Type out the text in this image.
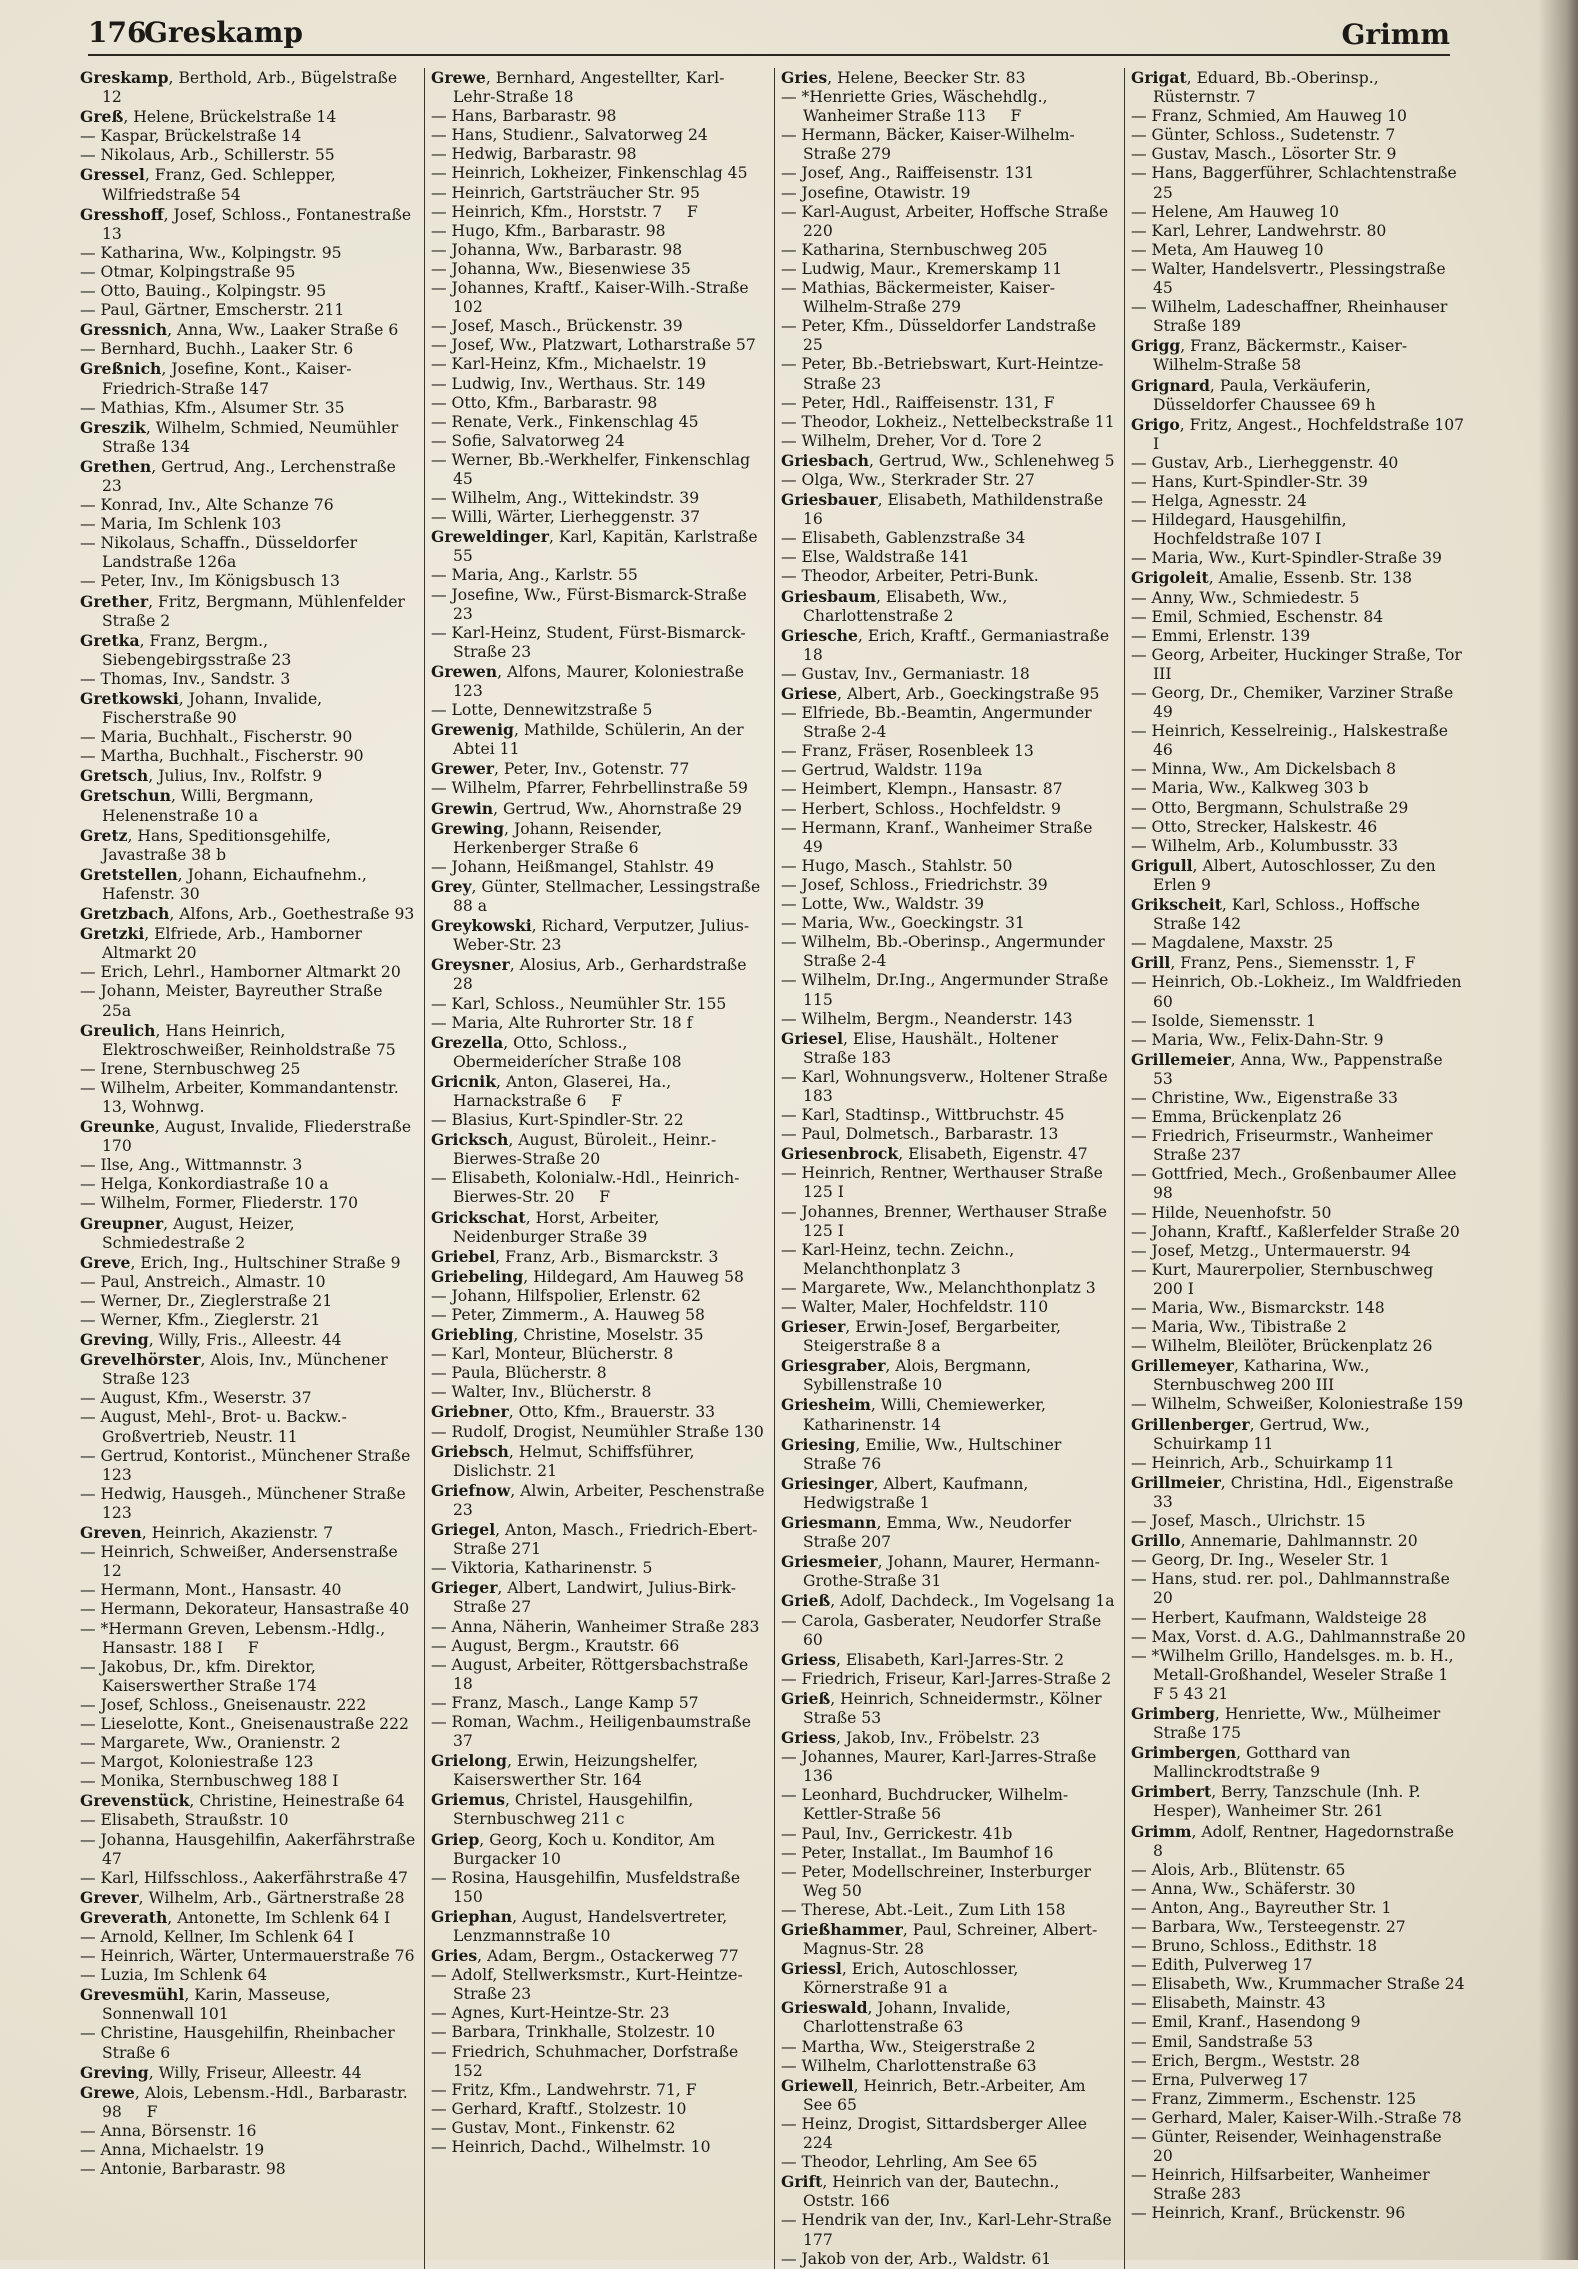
176
Greskamp	Grimm

Greskamp, Berthold, Arb., Bügelstraße 12

Greß, Helene, Brückelstraße 14

— Kaspar, Brückelstraße 14

— Nikolaus, Arb., Schillerstr. 55

Gressel, Franz, Ged. Schlepper, Wilfriedstraße 54

Gresshoff, Josef, Schloss., Fontanestraße 13

— Katharina, Ww., Kolpingstr. 95

— Otmar, Kolpingstraße 95

— Otto, Bauing., Kolpingstr. 95

— Paul, Gärtner, Emscherstr. 211

Gressnich, Anna, Ww., Laaker Straße 6

— Bernhard, Buchh., Laaker Str. 6

Greßnich, Josefine, Kont., Kaiser-Friedrich-Straße 147

— Mathias, Kfm., Alsumer Str. 35

Greszik, Wilhelm, Schmied, Neumühler Straße 134

Grethen, Gertrud, Ang., Lerchenstraße 23

— Konrad, Inv., Alte Schanze 76

— Maria, Im Schlenk 103

— Nikolaus, Schaffn., Düsseldorfer Landstraße 126a

— Peter, Inv., Im Königsbusch 13

Grether, Fritz, Bergmann, Mühlenfelder Straße 2

Gretka, Franz, Bergm., Siebengebirgsstraße 23

— Thomas, Inv., Sandstr. 3

Gretkowski, Johann, Invalide, Fischerstraße 90

— Maria, Buchhalt., Fischerstr. 90

— Martha, Buchhalt., Fischerstr. 90

Gretsch, Julius, Inv., Rolfstr. 9

Gretschun, Willi, Bergmann, Helenenstraße 10 a

Gretz, Hans, Speditionsgehilfe, Javastraße 38 b

Gretstellen, Johann, Eichaufnehm., Hafenstr. 30

Gretzbach, Alfons, Arb., Goethestraße 93

Gretzki, Elfriede, Arb., Hamborner Altmarkt 20

— Erich, Lehrl., Hamborner Altmarkt 20

— Johann, Meister, Bayreuther Straße 25a

Greulich, Hans Heinrich, Elektroschweißer, Reinholdstraße 75

— Irene, Sternbuschweg 25

— Wilhelm, Arbeiter, Kommandantenstr. 13, Wohnwg.

Greunke, August, Invalide, Fliederstraße 170

— Ilse, Ang., Wittmannstr. 3

— Helga, Konkordiastraße 10 a

— Wilhelm, Former, Fliederstr. 170

Greupner, August, Heizer, Schmiedestraße 2

Greve, Erich, Ing., Hultschiner Straße 9

— Paul, Anstreich., Almastr. 10

— Werner, Dr., Zieglerstraße 21

— Werner, Kfm., Zieglerstr. 21

Greving, Willy, Fris., Alleestr. 44

Grevelhörster, Alois, Inv., Münchener Straße 123

— August, Kfm., Weserstr. 37

— August, Mehl-, Brot- u. Backw.-Großvertrieb, Neustr. 11

— Gertrud, Kontorist., Münchener Straße 123

— Hedwig, Hausgeh., Münchener Straße 123

Greven, Heinrich, Akazienstr. 7

— Heinrich, Schweißer, Andersenstraße 12

— Hermann, Mont., Hansastr. 40

— Hermann, Dekorateur, Hansastraße 40

— *Hermann Greven, Lebensm.-Hdlg., Hansastr. 188 I     F

— Jakobus, Dr., kfm. Direktor, Kaiserswerther Straße 174

— Josef, Schloss., Gneisenaustr. 222

— Lieselotte, Kont., Gneisenaustraße 222

— Margarete, Ww., Oranienstr. 2

— Margot, Koloniestraße 123

— Monika, Sternbuschweg 188 I

Grevenstück, Christine, Heinestraße 64

— Elisabeth, Straußstr. 10

— Johanna, Hausgehilfin, Aakerfährstraße 47

— Karl, Hilfsschloss., Aakerfährstraße 47

Grever, Wilhelm, Arb., Gärtnerstraße 28

Greverath, Antonette, Im Schlenk 64 I

— Arnold, Kellner, Im Schlenk 64 I

— Heinrich, Wärter, Untermauerstraße 76

— Luzia, Im Schlenk 64

Grevesmühl, Karin, Masseuse, Sonnenwall 101

— Christine, Hausgehilfin, Rheinbacher Straße 6

Greving, Willy, Friseur, Alleestr. 44

Grewe, Alois, Lebensm.-Hdl., Barbarastr. 98     F

— Anna, Börsenstr. 16

— Anna, Michaelstr. 19

— Antonie, Barbarastr. 98

Grewe, Bernhard, Angestellter, Karl-Lehr-Straße 18

— Hans, Barbarastr. 98

— Hans, Studienr., Salvatorweg 24

— Hedwig, Barbarastr. 98

— Heinrich, Lokheizer, Finkenschlag 45

— Heinrich, Gartsträucher Str. 95

— Heinrich, Kfm., Horststr. 7     F

— Hugo, Kfm., Barbarastr. 98

— Johanna, Ww., Barbarastr. 98

— Johanna, Ww., Biesenwiese 35

— Johannes, Kraftf., Kaiser-Wilh.-Straße 102

— Josef, Masch., Brückenstr. 39

— Josef, Ww., Platzwart, Lotharstraße 57

— Karl-Heinz, Kfm., Michaelstr. 19

— Ludwig, Inv., Werthaus. Str. 149

— Otto, Kfm., Barbarastr. 98

— Renate, Verk., Finkenschlag 45

— Sofie, Salvatorweg 24

— Werner, Bb.-Werkhelfer, Finkenschlag 45

— Wilhelm, Ang., Wittekindstr. 39

— Willi, Wärter, Lierheggenstr. 37

Greweldinger, Karl, Kapitän, Karlstraße 55

— Maria, Ang., Karlstr. 55

— Josefine, Ww., Fürst-Bismarck-Straße 23

— Karl-Heinz, Student, Fürst-Bismarck-Straße 23

Grewen, Alfons, Maurer, Koloniestraße 123

— Lotte, Dennewitzstraße 5

Grewenig, Mathilde, Schülerin, An der Abtei 11

Grewer, Peter, Inv., Gotenstr. 77

— Wilhelm, Pfarrer, Fehrbellinstraße 59

Grewin, Gertrud, Ww., Ahornstraße 29

Grewing, Johann, Reisender, Herkenberger Straße 6

— Johann, Heißmangel, Stahlstr. 49

Grey, Günter, Stellmacher, Lessingstraße 88 a

Greykowski, Richard, Verputzer, Julius-Weber-Str. 23

Greysner, Alosius, Arb., Gerhardstraße 28

— Karl, Schloss., Neumühler Str. 155

— Maria, Alte Ruhrorter Str. 18 f

Grezella, Otto, Schloss., Obermeiderícher Straße 108

Gricnik, Anton, Glaserei, Ha., Harnackstraße 6     F

— Blasius, Kurt-Spindler-Str. 22

Gricksch, August, Büroleit., Heinr.-Bierwes-Straße 20

— Elisabeth, Kolonialw.-Hdl., Heinrich-Bierwes-Str. 20     F

Grickschat, Horst, Arbeiter, Neidenburger Straße 39

Griebel, Franz, Arb., Bismarckstr. 3

Griebeling, Hildegard, Am Hauweg 58

— Johann, Hilfspolier, Erlenstr. 62

— Peter, Zimmerm., A. Hauweg 58

Griebling, Christine, Moselstr. 35

— Karl, Monteur, Blücherstr. 8

— Paula, Blücherstr. 8

— Walter, Inv., Blücherstr. 8

Griebner, Otto, Kfm., Brauerstr. 33

— Rudolf, Drogist, Neumühler Straße 130

Griebsch, Helmut, Schiffsführer, Dislichstr. 21

Griefnow, Alwin, Arbeiter, Peschenstraße 23

Griegel, Anton, Masch., Friedrich-Ebert-Straße 271

— Viktoria, Katharinenstr. 5

Grieger, Albert, Landwirt, Julius-Birk-Straße 27

— Anna, Näherin, Wanheimer Straße 283

— August, Bergm., Krautstr. 66

— August, Arbeiter, Röttgersbachstraße 18

— Franz, Masch., Lange Kamp 57

— Roman, Wachm., Heiligenbaumstraße 37

Grielong, Erwin, Heizungshelfer, Kaiserswerther Str. 164

Griemus, Christel, Hausgehilfin, Sternbuschweg 211 c

Griep, Georg, Koch u. Konditor, Am Burgacker 10

— Rosina, Hausgehilfin, Musfeldstraße 150

Griephan, August, Handelsvertreter, Lenzmannstraße 10

Gries, Adam, Bergm., Ostackerweg 77

— Adolf, Stellwerksmstr., Kurt-Heintze-Straße 23

— Agnes, Kurt-Heintze-Str. 23

— Barbara, Trinkhalle, Stolzestr. 10

— Friedrich, Schuhmacher, Dorfstraße 152

— Fritz, Kfm., Landwehrstr. 71, F

— Gerhard, Kraftf., Stolzestr. 10

— Gustav, Mont., Finkenstr. 62

— Heinrich, Dachd., Wilhelmstr. 10

Gries, Helene, Beecker Str. 83

— *Henriette Gries, Wäschehdlg., Wanheimer Straße 113     F

— Hermann, Bäcker, Kaiser-Wilhelm-Straße 279

— Josef, Ang., Raiffeisenstr. 131

— Josefine, Otawistr. 19

— Karl-August, Arbeiter, Hoffsche Straße 220

— Katharina, Sternbuschweg 205

— Ludwig, Maur., Kremerskamp 11

— Mathias, Bäckermeister, Kaiser-Wilhelm-Straße 279

— Peter, Kfm., Düsseldorfer Landstraße 25

— Peter, Bb.-Betriebswart, Kurt-Heintze-Straße 23

— Peter, Hdl., Raiffeisenstr. 131, F

— Theodor, Lokheiz., Nettelbeckstraße 11

— Wilhelm, Dreher, Vor d. Tore 2

Griesbach, Gertrud, Ww., Schlenehweg 5

— Olga, Ww., Sterkrader Str. 27

Griesbauer, Elisabeth, Mathildenstraße 16

— Elisabeth, Gablenzstraße 34

— Else, Waldstraße 141

— Theodor, Arbeiter, Petri-Bunk.

Griesbaum, Elisabeth, Ww., Charlottenstraße 2

Griesche, Erich, Kraftf., Germaniastraße 18

— Gustav, Inv., Germaniastr. 18

Griese, Albert, Arb., Goeckingstraße 95

— Elfriede, Bb.-Beamtin, Angermunder Straße 2-4

— Franz, Fräser, Rosenbleek 13

— Gertrud, Waldstr. 119a

— Heimbert, Klempn., Hansastr. 87

— Herbert, Schloss., Hochfeldstr. 9

— Hermann, Kranf., Wanheimer Straße 49

— Hugo, Masch., Stahlstr. 50

— Josef, Schloss., Friedrichstr. 39

— Lotte, Ww., Waldstr. 39

— Maria, Ww., Goeckingstr. 31

— Wilhelm, Bb.-Oberinsp., Angermunder Straße 2-4

— Wilhelm, Dr.Ing., Angermunder Straße 115

— Wilhelm, Bergm., Neanderstr. 143

Griesel, Elise, Haushält., Holtener Straße 183

— Karl, Wohnungsverw., Holtener Straße 183

— Karl, Stadtinsp., Wittbruchstr. 45

— Paul, Dolmetsch., Barbarastr. 13

Griesenbrock, Elisabeth, Eigenstr. 47

— Heinrich, Rentner, Werthauser Straße 125 I

— Johannes, Brenner, Werthauser Straße 125 I

— Karl-Heinz, techn. Zeichn., Melanchthonplatz 3

— Margarete, Ww., Melanchthonplatz 3

— Walter, Maler, Hochfeldstr. 110

Grieser, Erwin-Josef, Bergarbeiter, Steigerstraße 8 a

Griesgraber, Alois, Bergmann, Sybillenstraße 10

Griesheim, Willi, Chemiewerker, Katharinenstr. 14

Griesing, Emilie, Ww., Hultschiner Straße 76

Griesinger, Albert, Kaufmann, Hedwigstraße 1

Griesmann, Emma, Ww., Neudorfer Straße 207

Griesmeier, Johann, Maurer, Hermann-Grothe-Straße 31

Grieß, Adolf, Dachdeck., Im Vogelsang 1a

— Carola, Gasberater, Neudorfer Straße 60

Griess, Elisabeth, Karl-Jarres-Str. 2

— Friedrich, Friseur, Karl-Jarres-Straße 2

Grieß, Heinrich, Schneidermstr., Kölner Straße 53

Griess, Jakob, Inv., Fröbelstr. 23

— Johannes, Maurer, Karl-Jarres-Straße 136

— Leonhard, Buchdrucker, Wilhelm-Kettler-Straße 56

— Paul, Inv., Gerrickestr. 41b

— Peter, Installat., Im Baumhof 16

— Peter, Modellschreiner, Insterburger Weg 50

— Therese, Abt.-Leit., Zum Lith 158

Grießhammer, Paul, Schreiner, Albert-Magnus-Str. 28

Griessl, Erich, Autoschlosser, Körnerstraße 91 a

Grieswald, Johann, Invalide, Charlottenstraße 63

— Martha, Ww., Steigerstraße 2

— Wilhelm, Charlottenstraße 63

Griewell, Heinrich, Betr.-Arbeiter, Am See 65

— Heinz, Drogist, Sittardsberger Allee 224

— Theodor, Lehrling, Am See 65

Grift, Heinrich van der, Bautechn., Oststr. 166

— Hendrik van der, Inv., Karl-Lehr-Straße 177

— Jakob von der, Arb., Waldstr. 61

Grigat, Eduard, Bb.-Oberinsp., Rüsternstr. 7

— Franz, Schmied, Am Hauweg 10

— Günter, Schloss., Sudetenstr. 7

— Gustav, Masch., Lösorter Str. 9

— Hans, Baggerführer, Schlachtenstraße 25

— Helene, Am Hauweg 10

— Karl, Lehrer, Landwehrstr. 80

— Meta, Am Hauweg 10

— Walter, Handelsvertr., Plessingstraße 45

— Wilhelm, Ladeschaffner, Rheinhauser Straße 189

Grigg, Franz, Bäckermstr., Kaiser-Wilhelm-Straße 58

Grignard, Paula, Verkäuferin, Düsseldorfer Chaussee 69 h

Grigo, Fritz, Angest., Hochfeldstraße 107 I

— Gustav, Arb., Lierheggenstr. 40

— Hans, Kurt-Spindler-Str. 39

— Helga, Agnesstr. 24

— Hildegard, Hausgehilfin, Hochfeldstraße 107 I

— Maria, Ww., Kurt-Spindler-Straße 39

Grigoleit, Amalie, Essenb. Str. 138

— Anny, Ww., Schmiedestr. 5

— Emil, Schmied, Eschenstr. 84

— Emmi, Erlenstr. 139

— Georg, Arbeiter, Huckinger Straße, Tor III

— Georg, Dr., Chemiker, Varziner Straße 49

— Heinrich, Kesselreinig., Halskestraße 46

— Minna, Ww., Am Dickelsbach 8

— Maria, Ww., Kalkweg 303 b

— Otto, Bergmann, Schulstraße 29

— Otto, Strecker, Halskestr. 46

— Wilhelm, Arb., Kolumbusstr. 33

Grigull, Albert, Autoschlosser, Zu den Erlen 9

Grikscheit, Karl, Schloss., Hoffsche Straße 142

— Magdalene, Maxstr. 25

Grill, Franz, Pens., Siemensstr. 1, F

— Heinrich, Ob.-Lokheiz., Im Waldfrieden 60

— Isolde, Siemensstr. 1

— Maria, Ww., Felix-Dahn-Str. 9

Grillemeier, Anna, Ww., Pappenstraße 53

— Christine, Ww., Eigenstraße 33

— Emma, Brückenplatz 26

— Friedrich, Friseurmstr., Wanheimer Straße 237

— Gottfried, Mech., Großenbaumer Allee 98

— Hilde, Neuenhofstr. 50

— Johann, Kraftf., Kaßlerfelder Straße 20

— Josef, Metzg., Untermauerstr. 94

— Kurt, Maurerpolier, Sternbuschweg 200 I

— Maria, Ww., Bismarckstr. 148

— Maria, Ww., Tibistraße 2

— Wilhelm, Bleilöter, Brückenplatz 26

Grillemeyer, Katharina, Ww., Sternbuschweg 200 III

— Wilhelm, Schweißer, Koloniestraße 159

Grillenberger, Gertrud, Ww., Schuirkamp 11

— Heinrich, Arb., Schuirkamp 11

Grillmeier, Christina, Hdl., Eigenstraße 33

— Josef, Masch., Ulrichstr. 15

Grillo, Annemarie, Dahlmannstr. 20

— Georg, Dr. Ing., Weseler Str. 1

— Hans, stud. rer. pol., Dahlmannstraße 20

— Herbert, Kaufmann, Waldsteige 28

— Max, Vorst. d. A.G., Dahlmannstraße 20

— *Wilhelm Grillo, Handelsges. m. b. H., Metall-Großhandel, Weseler Straße 1     F 5 43 21

Grimberg, Henriette, Ww., Mülheimer Straße 175

Grimbergen, Gotthard van Mallinckrodtstraße 9

Grimbert, Berry, Tanzschule (Inh. P. Hesper), Wanheimer Str. 261

Grimm, Adolf, Rentner, Hagedornstraße 8

— Alois, Arb., Blütenstr. 65

— Anna, Ww., Schäferstr. 30

— Anton, Ang., Bayreuther Str. 1

— Barbara, Ww., Tersteegenstr. 27

— Bruno, Schloss., Edithstr. 18

— Edith, Pulverweg 17

— Elisabeth, Ww., Krummacher Straße 24

— Elisabeth, Mainstr. 43

— Emil, Kranf., Hasendong 9

— Emil, Sandstraße 53

— Erich, Bergm., Weststr. 28

— Erna, Pulverweg 17

— Franz, Zimmerm., Eschenstr. 125

— Gerhard, Maler, Kaiser-Wilh.-Straße 78

— Günter, Reisender, Weinhagenstraße 20

— Heinrich, Hilfsarbeiter, Wanheimer Straße 283

— Heinrich, Kranf., Brückenstr. 96
